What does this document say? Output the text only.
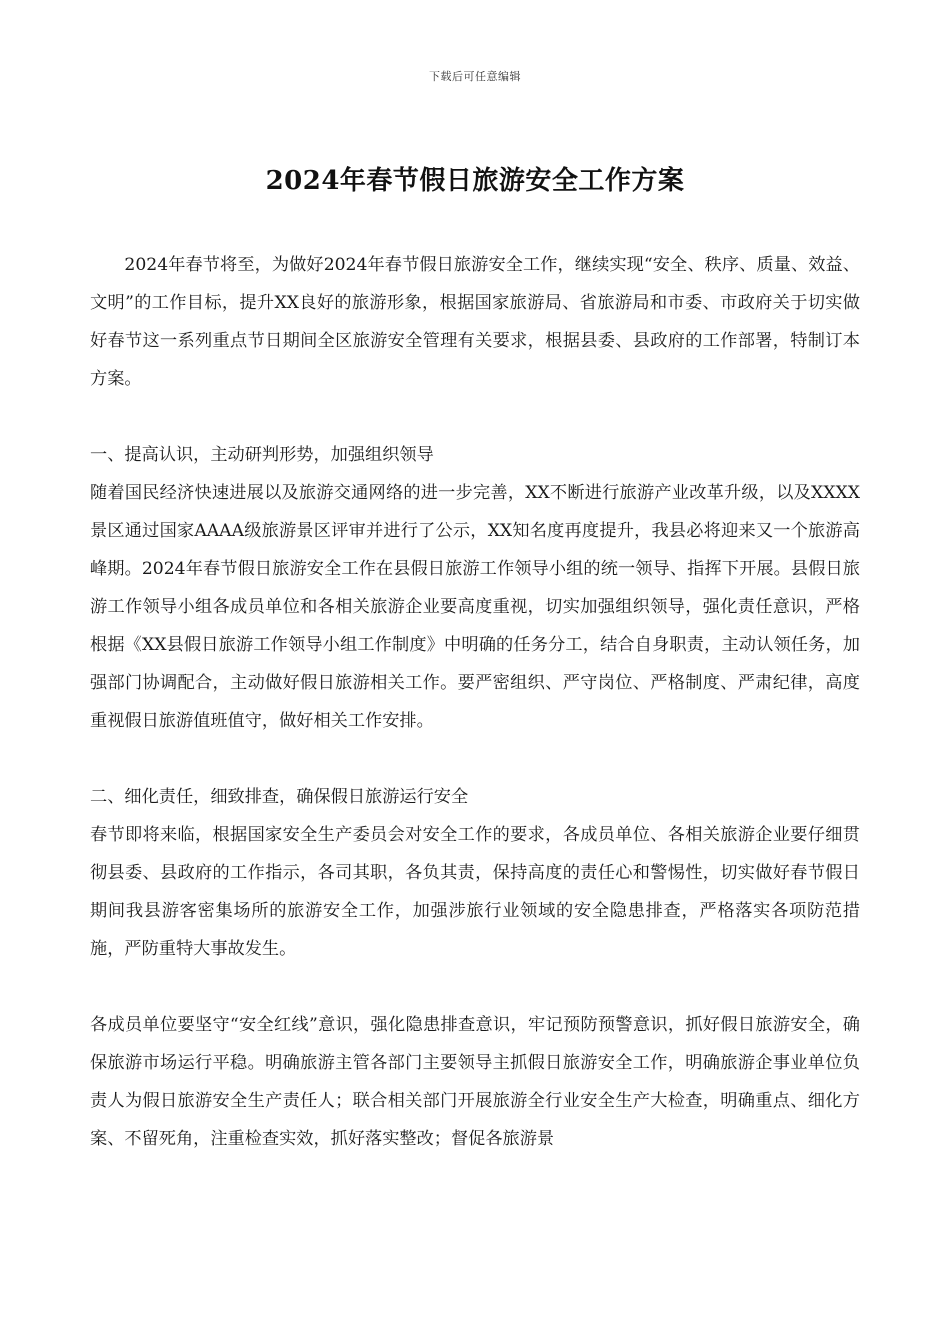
下载后可任意编辑
2024年春节假日旅游安全工作方案

2024年春节将至，为做好2024年春节假日旅游安全工作，继续实现“安全、秩序、质量、效益、文明”的工作目标，提升XX良好的旅游形象，根据国家旅游局、省旅游局和市委、市政府关于切实做好春节这一系列重点节日期间全区旅游安全管理有关要求，根据县委、县政府的工作部署，特制订本方案。

一、提高认识，主动研判形势，加强组织领导

随着国民经济快速进展以及旅游交通网络的进一步完善，XX不断进行旅游产业改革升级，以及XXXX景区通过国家AAAA级旅游景区评审并进行了公示，XX知名度再度提升，我县必将迎来又一个旅游高峰期。2024年春节假日旅游安全工作在县假日旅游工作领导小组的统一领导、指挥下开展。县假日旅游工作领导小组各成员单位和各相关旅游企业要高度重视，切实加强组织领导，强化责任意识，严格根据《XX县假日旅游工作领导小组工作制度》中明确的任务分工，结合自身职责，主动认领任务，加强部门协调配合，主动做好假日旅游相关工作。要严密组织、严守岗位、严格制度、严肃纪律，高度重视假日旅游值班值守，做好相关工作安排。

二、细化责任，细致排查，确保假日旅游运行安全

春节即将来临，根据国家安全生产委员会对安全工作的要求，各成员单位、各相关旅游企业要仔细贯彻县委、县政府的工作指示，各司其职，各负其责，保持高度的责任心和警惕性，切实做好春节假日期间我县游客密集场所的旅游安全工作，加强涉旅行业领域的安全隐患排查，严格落实各项防范措施，严防重特大事故发生。

各成员单位要坚守“安全红线”意识，强化隐患排查意识，牢记预防预警意识，抓好假日旅游安全，确保旅游市场运行平稳。明确旅游主管各部门主要领导主抓假日旅游安全工作，明确旅游企事业单位负责人为假日旅游安全生产责任人；联合相关部门开展旅游全行业安全生产大检查，明确重点、细化方案、不留死角，注重检查实效，抓好落实整改；督促各旅游景
